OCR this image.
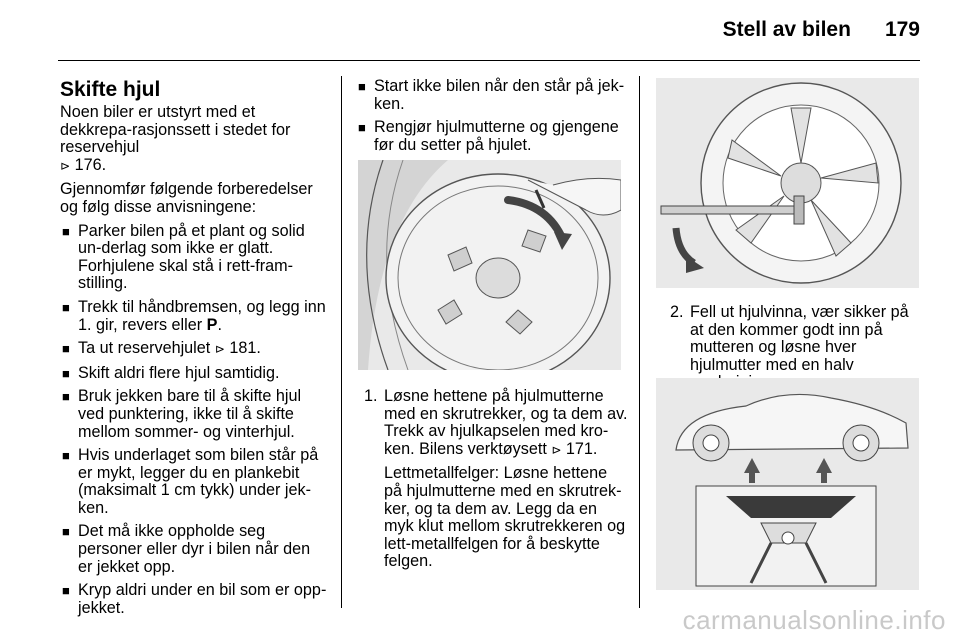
Stell av bilen 179
Skifte hjul

Noen biler er utstyrt med et dekkrepa-rasjonssett i stedet for reservehjul
⊳ 176.

Gjennomfør følgende forberedelser og følg disse anvisningene:

■ Parker bilen på et plant og solid un-derlag som ikke er glatt. Forhjulene skal stå i rett-fram-stilling.
■ Trekk til håndbremsen, og legg inn 1. gir, revers eller P.
■ Ta ut reservehjulet ⊳ 181.
■ Skift aldri flere hjul samtidig.
■ Bruk jekken bare til å skifte hjul ved punktering, ikke til å skifte mellom sommer- og vinterhjul.
■ Hvis underlaget som bilen står på er mykt, legger du en plankebit (maksimalt 1 cm tykk) under jek-ken.
■ Det må ikke oppholde seg personer eller dyr i bilen når den er jekket opp.
■ Kryp aldri under en bil som er opp-jekket.
■ Start ikke bilen når den står på jek-ken.
■ Rengjør hjulmutterne og gjengene før du setter på hjulet.
1. Løsne hettene på hjulmutterne med en skrutrekker, og ta dem av. Trekk av hjulkapselen med kro-ken. Bilens verktøysett ⊳ 171.

Lettmetallfelger: Løsne hettene på hjulmutterne med en skrutrek-ker, og ta dem av. Legg da en myk klut mellom skrutrekkeren og lett-metallfelgen for å beskytte felgen.

2. Fell ut hjulvinna, vær sikker på at den kommer godt inn på mutteren og løsne hver hjulmutter med en halv
carmanualsonline.info
